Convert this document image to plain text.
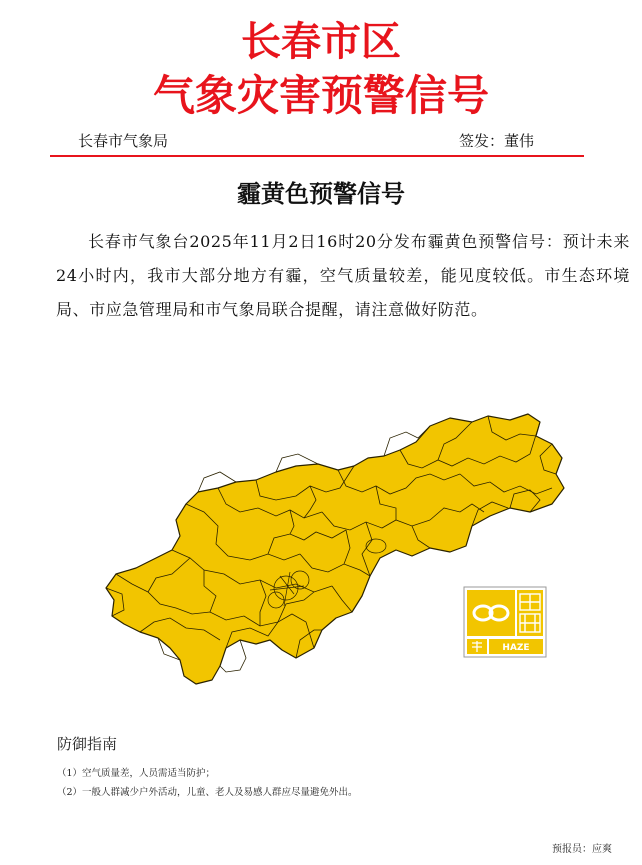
长春市区
气象灾害预警信号
长春市气象局	签发：董伟
霾黄色预警信号
长春市气象台2025年11月2日16时20分发布霾黄色预警信号：预计未来24小时内，我市大部分地方有霾，空气质量较差，能见度较低。市生态环境局、市应急管理局和市气象局联合提醒，请注意做好防范。
HAZE
防御指南
（1）空气质量差，人员需适当防护；
（2）一般人群减少户外活动，儿童、老人及易感人群应尽量避免外出。
预报员：应爽
